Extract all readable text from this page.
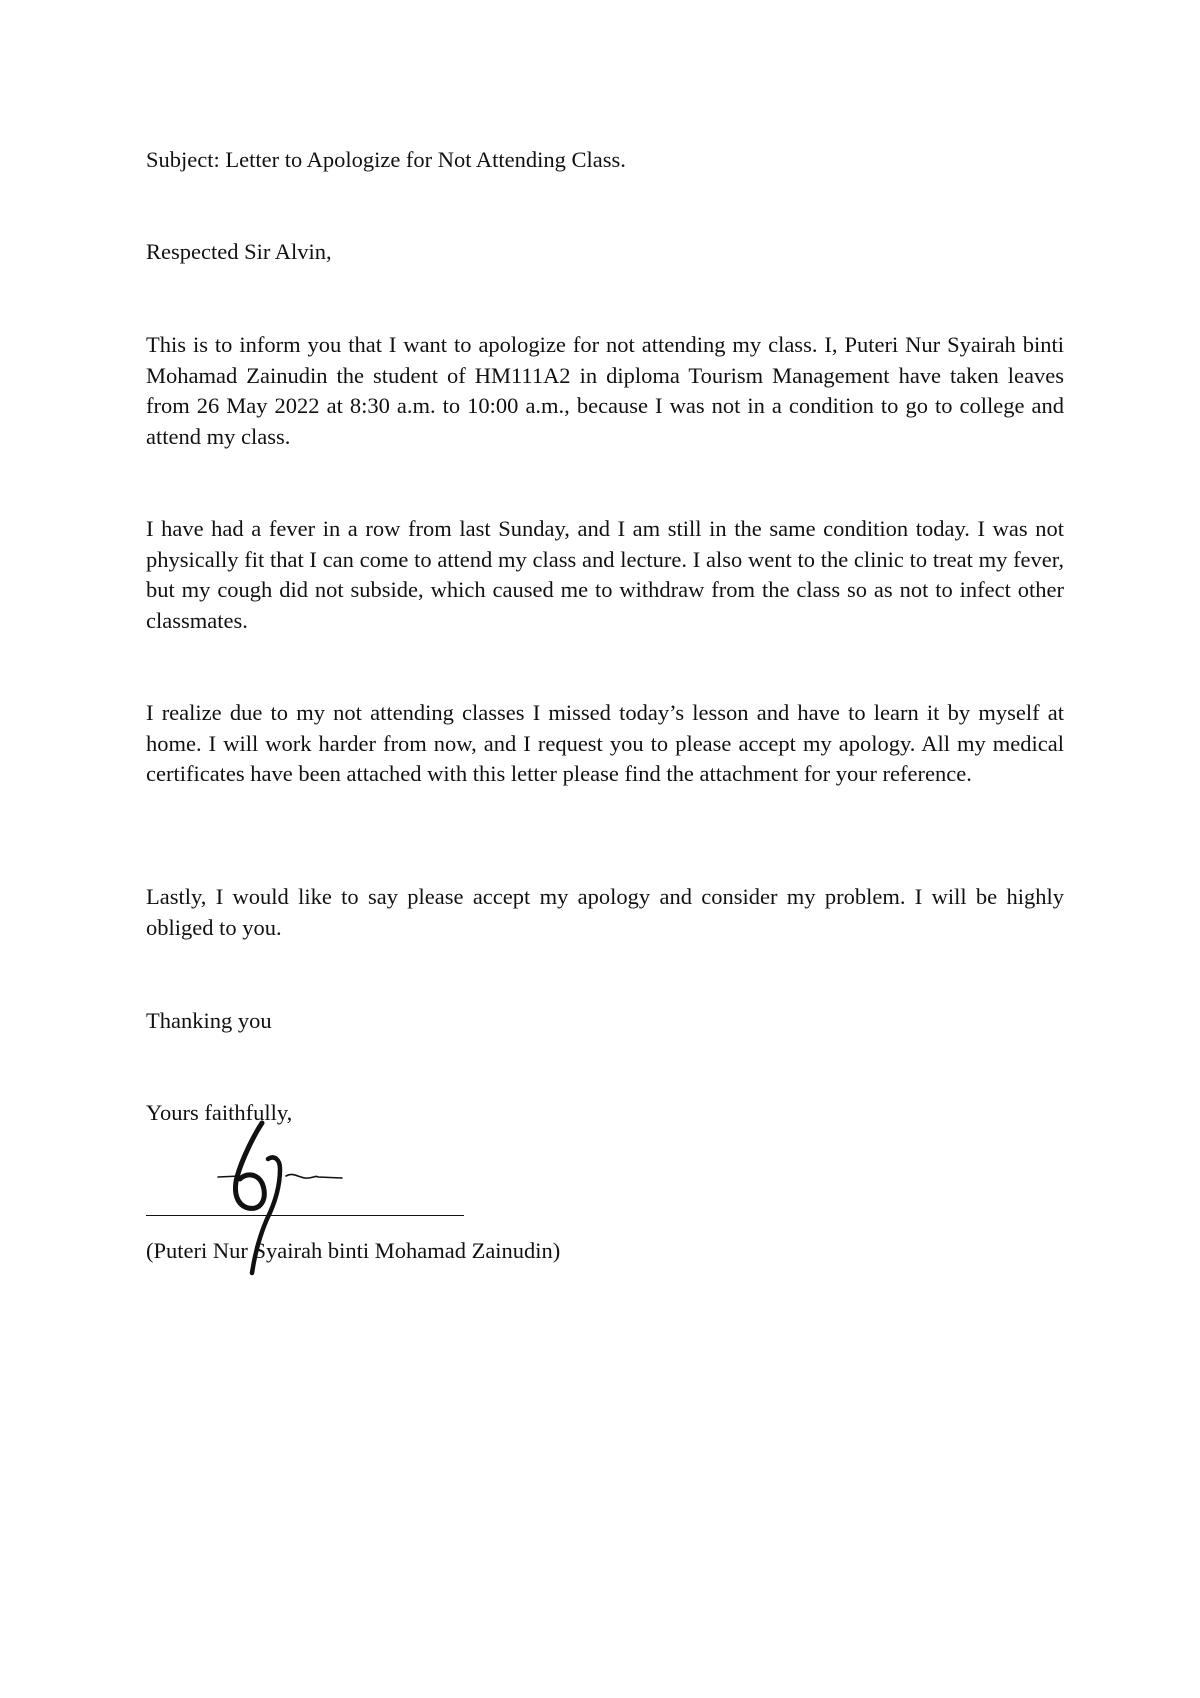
Subject: Letter to Apologize for Not Attending Class.

Respected Sir Alvin,

This is to inform you that I want to apologize for not attending my class. I, Puteri Nur Syairah binti Mohamad Zainudin the student of HM111A2 in diploma Tourism Management have taken leaves from 26 May 2022 at 8:30 a.m. to 10:00 a.m., because I was not in a condition to go to college and attend my class.

I have had a fever in a row from last Sunday, and I am still in the same condition today. I was not physically fit that I can come to attend my class and lecture. I also went to the clinic to treat my fever, but my cough did not subside, which caused me to withdraw from the class so as not to infect other classmates.

I realize due to my not attending classes I missed today’s lesson and have to learn it by myself at home. I will work harder from now, and I request you to please accept my apology. All my medical certificates have been attached with this letter please find the attachment for your reference.

Lastly, I would like to say please accept my apology and consider my problem. I will be highly obliged to you.

Thanking you

Yours faithfully,

(Puteri Nur Syairah binti Mohamad Zainudin)
